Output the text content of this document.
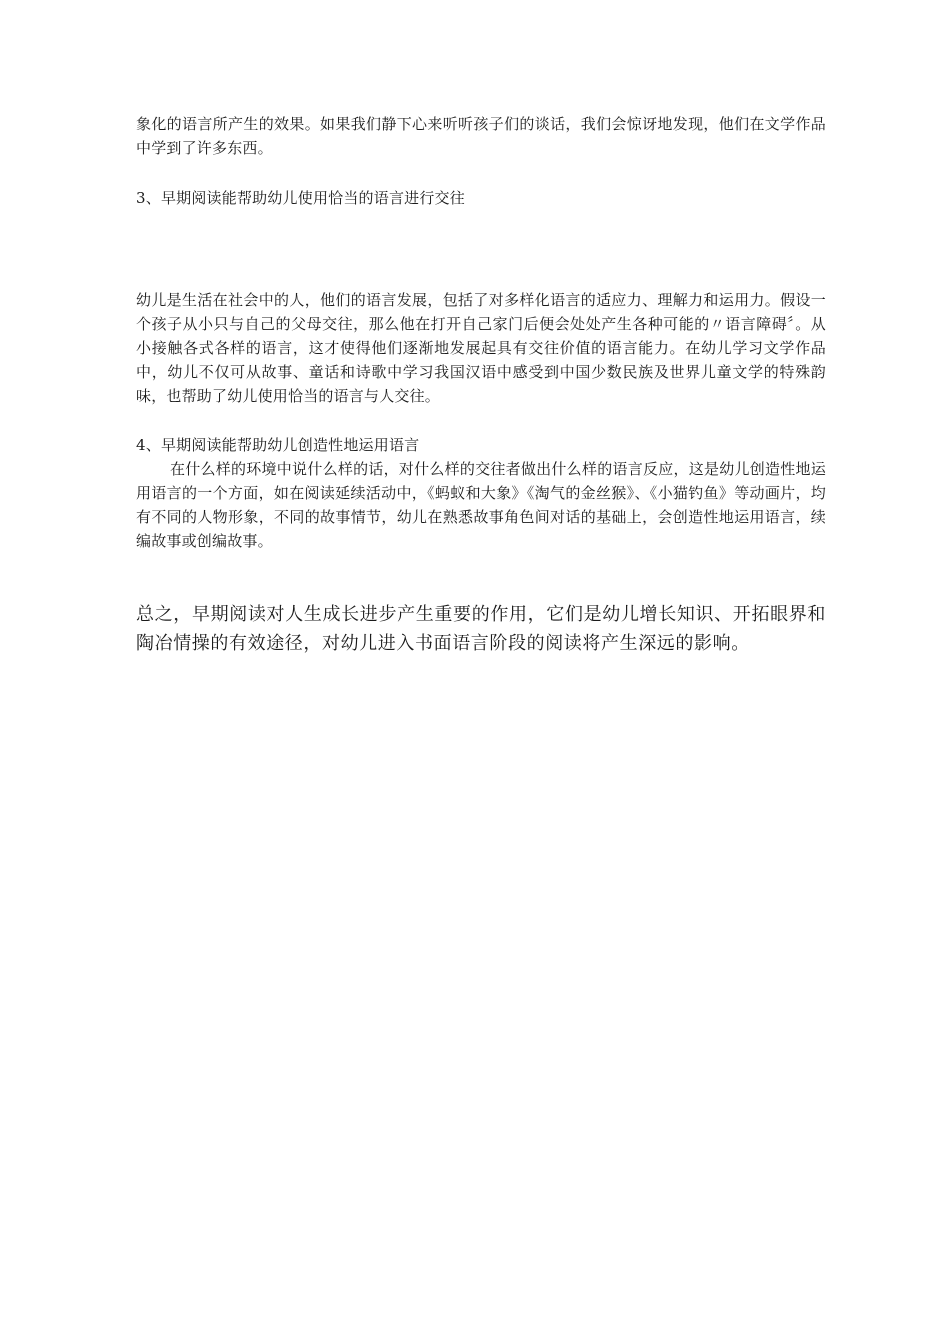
象化的语言所产生的效果。如果我们静下心来听听孩子们的谈话，我们会惊讶地发现，他们在文学作品中学到了许多东西。

3、早期阅读能帮助幼儿使用恰当的语言进行交往

幼儿是生活在社会中的人，他们的语言发展，包括了对多样化语言的适应力、理解力和运用力。假设一个孩子从小只与自己的父母交往，那么他在打开自己家门后便会处处产生各种可能的〃语言障碍〞。从小接触各式各样的语言，这才使得他们逐渐地发展起具有交往价值的语言能力。在幼儿学习文学作品中，幼儿不仅可从故事、童话和诗歌中学习我国汉语中感受到中国少数民族及世界儿童文学的特殊韵味，也帮助了幼儿使用恰当的语言与人交往。

4、早期阅读能帮助幼儿创造性地运用语言

在什么样的环境中说什么样的话，对什么样的交往者做出什么样的语言反应，这是幼儿创造性地运用语言的一个方面，如在阅读延续活动中，《蚂蚁和大象》《淘气的金丝猴》、《小猫钓鱼》等动画片，均有不同的人物形象，不同的故事情节，幼儿在熟悉故事角色间对话的基础上，会创造性地运用语言，续编故事或创编故事。

总之，早期阅读对人生成长进步产生重要的作用，它们是幼儿增长知识、开拓眼界和陶冶情操的有效途径，对幼儿进入书面语言阶段的阅读将产生深远的影响。
